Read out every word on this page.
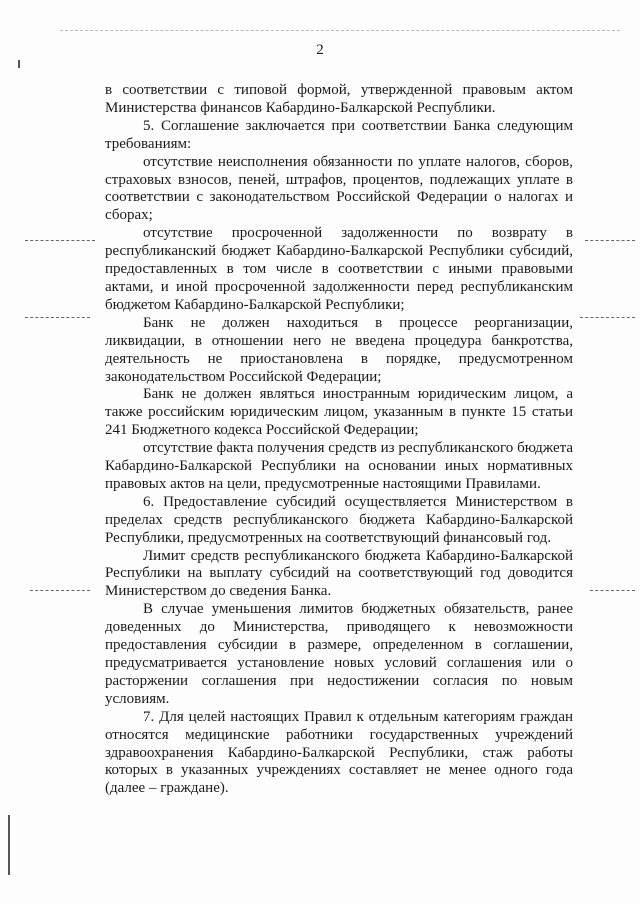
2

в соответствии с типовой формой, утвержденной правовым актом Министерства финансов Кабардино-Балкарской Республики.

5. Соглашение заключается при соответствии Банка следующим требованиям:

отсутствие неисполнения обязанности по уплате налогов, сборов, страховых взносов, пеней, штрафов, процентов, подлежащих уплате в соответствии с законодательством Российской Федерации о налогах и сборах;

отсутствие просроченной задолженности по возврату в республиканский бюджет Кабардино-Балкарской Республики субсидий, предоставленных в том числе в соответствии с иными правовыми актами, и иной просроченной задолженности перед республиканским бюджетом Кабардино-Балкарской Республики;

Банк не должен находиться в процессе реорганизации, ликвидации, в отношении него не введена процедура банкротства, деятельность не приостановлена в порядке, предусмотренном законодательством Российской Федерации;

Банк не должен являться иностранным юридическим лицом, а также российским юридическим лицом, указанным в пункте 15 статьи 241 Бюджетного кодекса Российской Федерации;

отсутствие факта получения средств из республиканского бюджета Кабардино-Балкарской Республики на основании иных нормативных правовых актов на цели, предусмотренные настоящими Правилами.

6. Предоставление субсидий осуществляется Министерством в пределах средств республиканского бюджета Кабардино-Балкарской Республики, предусмотренных на соответствующий финансовый год.

Лимит средств республиканского бюджета Кабардино-Балкарской Республики на выплату субсидий на соответствующий год доводится Министерством до сведения Банка.

В случае уменьшения лимитов бюджетных обязательств, ранее доведенных до Министерства, приводящего к невозможности предоставления субсидии в размере, определенном в соглашении, предусматривается установление новых условий соглашения или о расторжении соглашения при недостижении согласия по новым условиям.

7. Для целей настоящих Правил к отдельным категориям граждан относятся медицинские работники государственных учреждений здравоохранения Кабардино-Балкарской Республики, стаж работы которых в указанных учреждениях составляет не менее одного года (далее – граждане).
